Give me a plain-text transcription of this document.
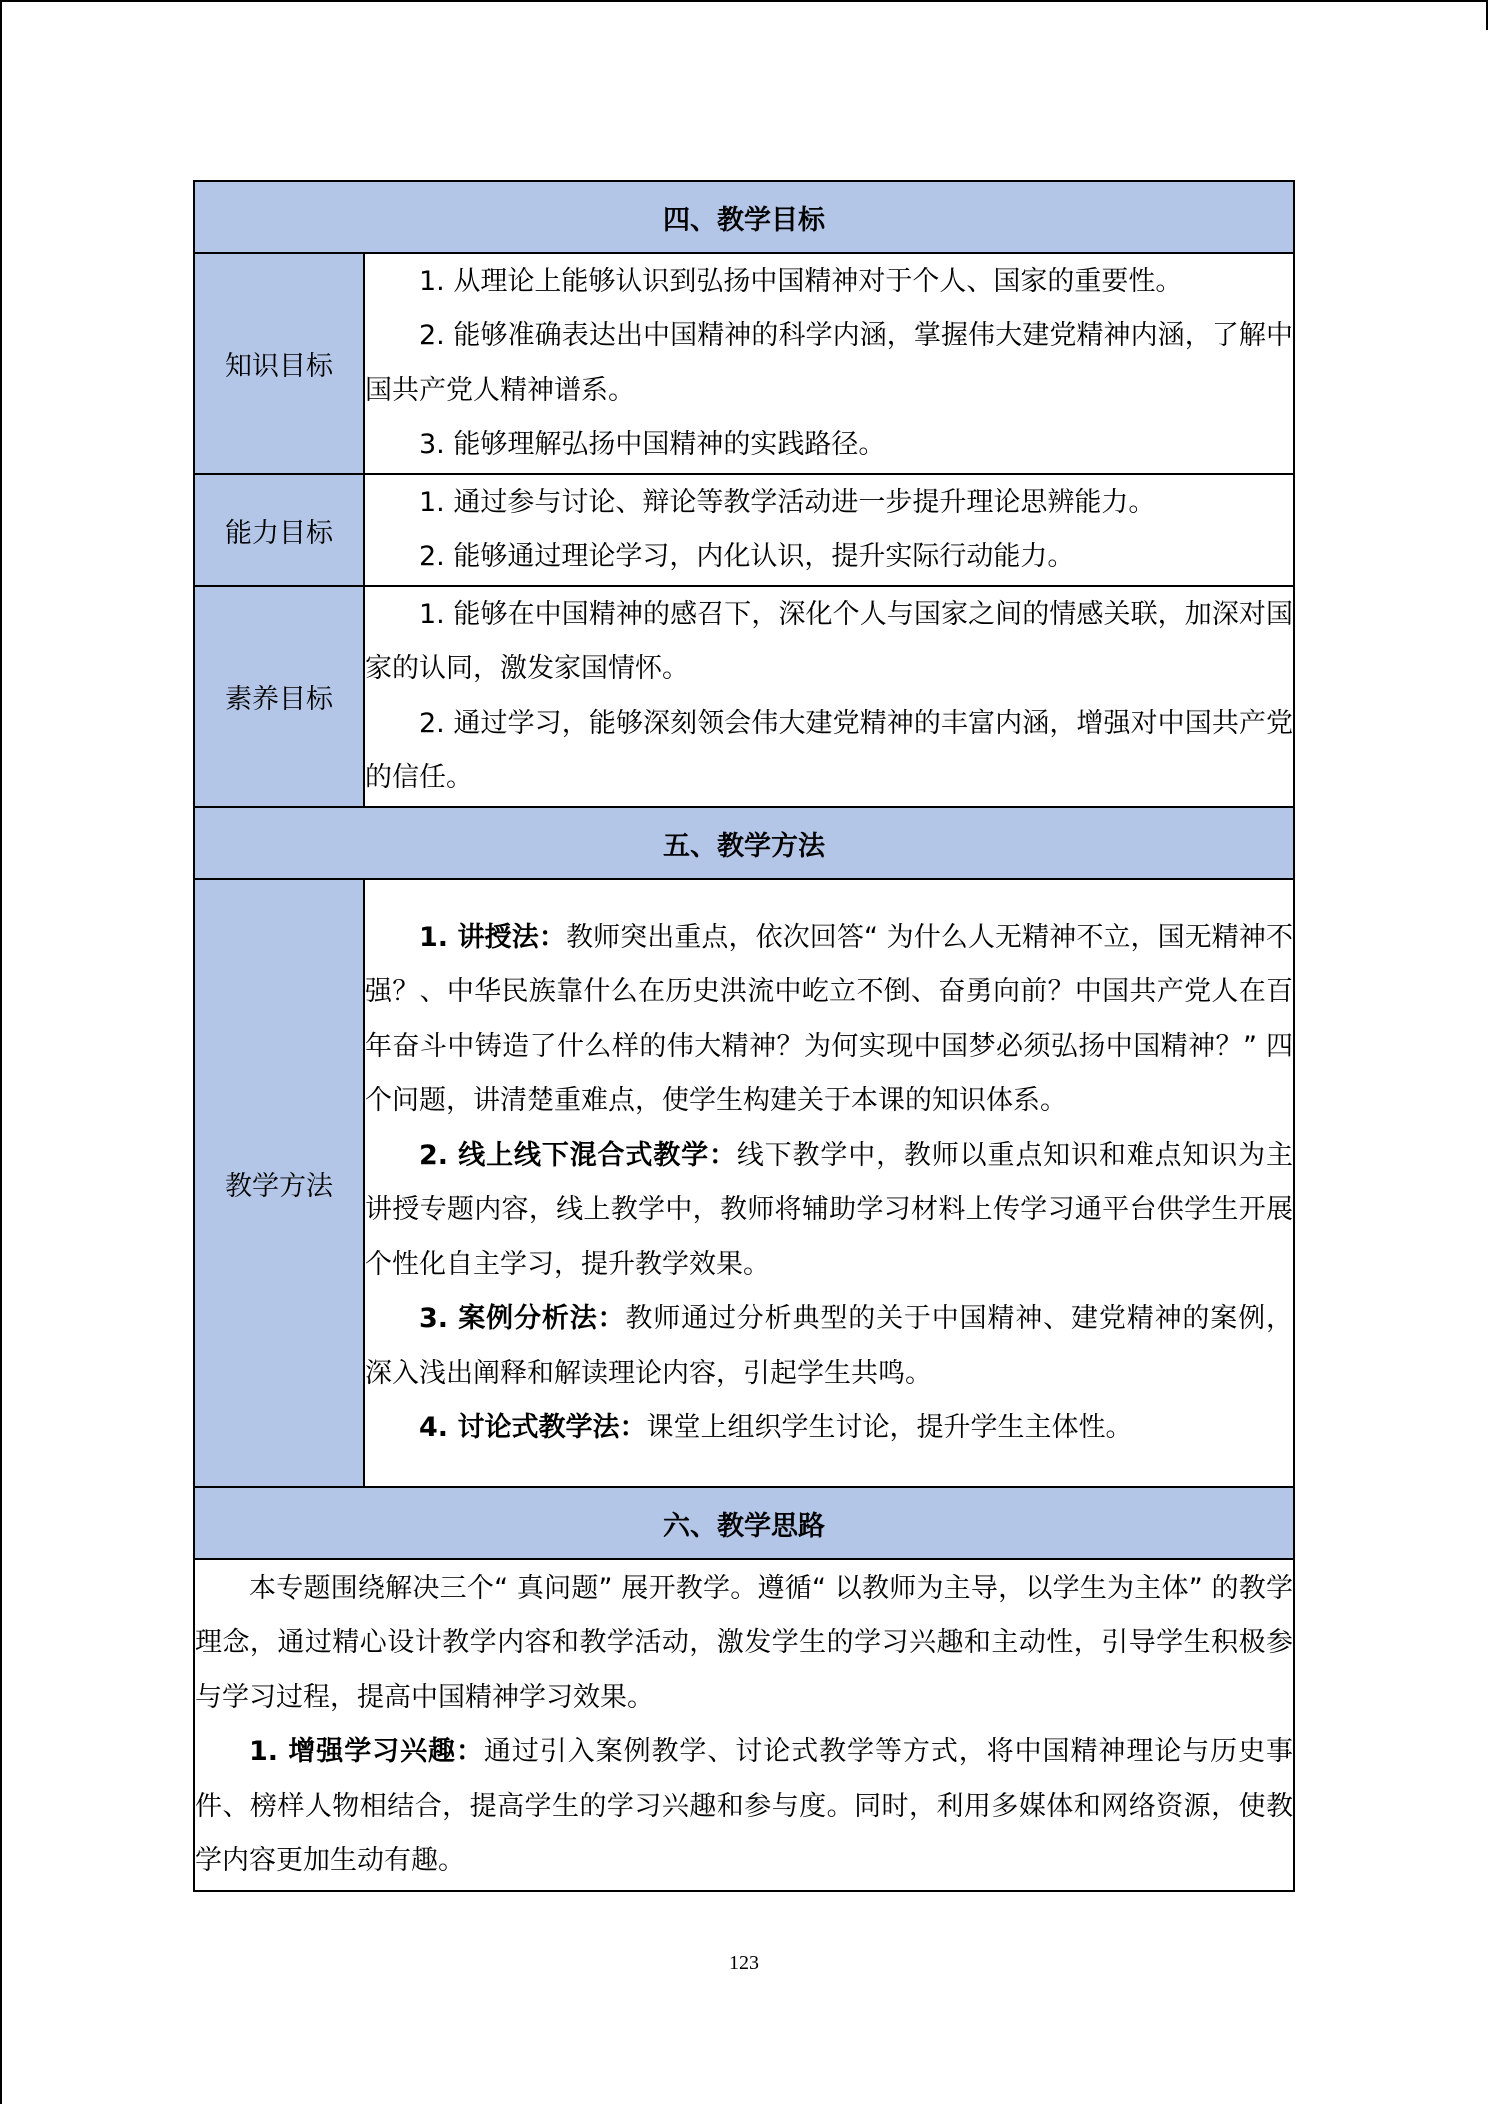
四、教学目标	
知识目标	1. 从理论上能够认识到弘扬中国精神对于个人、国家的重要性。

2. 能够准确表达出中国精神的科学内涵，掌握伟大建党精神内涵，了解中国共产党人精神谱系。

3. 能够理解弘扬中国精神的实践路径。

能力目标	1. 通过参与讨论、辩论等教学活动进一步提升理论思辨能力。

2. 能够通过理论学习，内化认识，提升实际行动能力。

素养目标	1. 能够在中国精神的感召下，深化个人与国家之间的情感关联，加深对国家的认同，激发家国情怀。

2. 通过学习，能够深刻领会伟大建党精神的丰富内涵，增强对中国共产党的信任。

五、教学方法	
教学方法	1. 讲授法：教师突出重点，依次回答“ 为什么人无精神不立，国无精神不强？、中华民族靠什么在历史洪流中屹立不倒、奋勇向前？中国共产党人在百年奋斗中铸造了什么样的伟大精神？为何实现中国梦必须弘扬中国精神？” 四个问题，讲清楚重难点，使学生构建关于本课的知识体系。

2. 线上线下混合式教学：线下教学中，教师以重点知识和难点知识为主讲授专题内容，线上教学中，教师将辅助学习材料上传学习通平台供学生开展个性化自主学习，提升教学效果。

3. 案例分析法：教师通过分析典型的关于中国精神、建党精神的案例，深入浅出阐释和解读理论内容，引起学生共鸣。

4. 讨论式教学法：课堂上组织学生讨论，提升学生主体性。

六、教学思路	

本专题围绕解决三个“ 真问题” 展开教学。遵循“ 以教师为主导，以学生为主体” 的教学理念，通过精心设计教学内容和教学活动，激发学生的学习兴趣和主动性，引导学生积极参与学习过程，提高中国精神学习效果。

1. 增强学习兴趣：通过引入案例教学、讨论式教学等方式，将中国精神理论与历史事件、榜样人物相结合，提高学生的学习兴趣和参与度。同时，利用多媒体和网络资源，使教学内容更加生动有趣。	

123
